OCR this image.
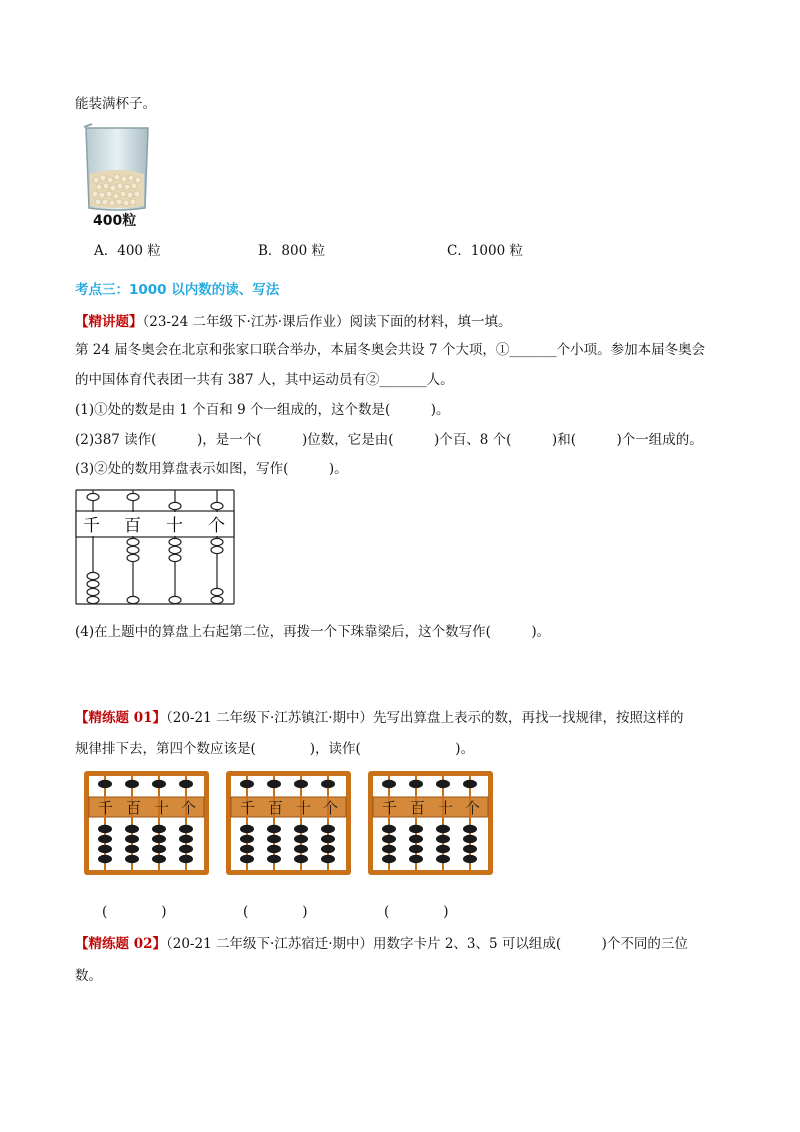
能装满杯子。
400粒
A．400 粒	B．800 粒	C．1000 粒
考点三：1000 以内数的读、写法
【精讲题】（23-24 二年级下·江苏·课后作业）阅读下面的材料，填一填。
第 24 届冬奥会在北京和张家口联合举办，本届冬奥会共设 7 个大项，①_______个小项。参加本届冬奥会
的中国体育代表团一共有 387 人，其中运动员有②_______人。
(1)①处的数是由 1 个百和 9 个一组成的，这个数是(　　　)。
(2)387 读作(　　　)，是一个(　　　)位数，它是由(　　　)个百、8 个(　　　)和(　　　)个一组成的。
(3)②处的数用算盘表示如图，写作(　　　)。
千 百 十 个
(4)在上题中的算盘上右起第二位，再拨一个下珠靠梁后，这个数写作(　　　)。
【精练题 01】（20-21 二年级下·江苏镇江·期中）先写出算盘上表示的数，再找一找规律，按照这样的
规律排下去，第四个数应该是(　　　　)，读作(　　　　　　　)。
千 百 十 个	千 百 十 个	千 百 十 个
(　　　　)	(　　　　)	(　　　　)
【精练题 02】（20-21 二年级下·江苏宿迁·期中）用数字卡片 2、3、5 可以组成(　　　)个不同的三位
数。
